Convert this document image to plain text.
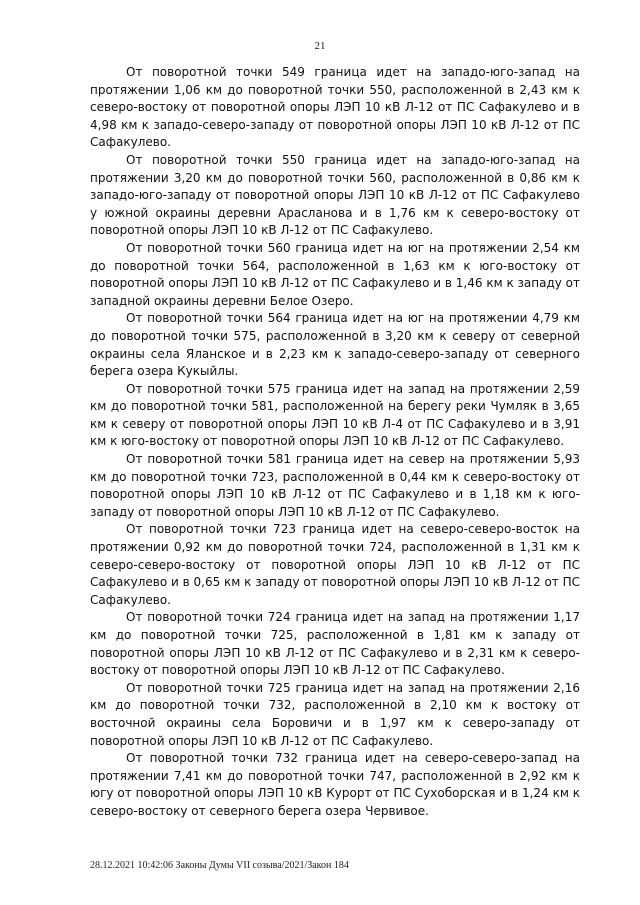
21

От поворотной точки 549 граница идет на западо-юго-запад на протяжении 1,06 км до поворотной точки 550, расположенной в 2,43 км к северо-востоку от поворотной опоры ЛЭП 10 кВ Л-12 от ПС Сафакулево и в 4,98 км к западо-северо-западу от поворотной опоры ЛЭП 10 кВ Л-12 от ПС Сафакулево.

От поворотной точки 550 граница идет на западо-юго-запад на протяжении 3,20 км до поворотной точки 560, расположенной в 0,86 км к западо-юго-западу от поворотной опоры ЛЭП 10 кВ Л-12 от ПС Сафакулево у южной окраины деревни Арасланова и в 1,76 км к северо-востоку от поворотной опоры ЛЭП 10 кВ Л-12 от ПС Сафакулево.

От поворотной точки 560 граница идет на юг на протяжении 2,54 км до поворотной точки 564, расположенной в 1,63 км к юго-востоку от поворотной опоры ЛЭП 10 кВ Л-12 от ПС Сафакулево и в 1,46 км к западу от западной окраины деревни Белое Озеро.

От поворотной точки 564 граница идет на юг на протяжении 4,79 км до поворотной точки 575, расположенной в 3,20 км к северу от северной окраины села Яланское и в 2,23 км к западо-северо-западу от северного берега озера Кукыйлы.

От поворотной точки 575 граница идет на запад на протяжении 2,59 км до поворотной точки 581, расположенной на берегу реки Чумляк в 3,65 км к северу от поворотной опоры ЛЭП 10 кВ Л-4 от ПС Сафакулево и в 3,91 км к юго-востоку от поворотной опоры ЛЭП 10 кВ Л-12 от ПС Сафакулево.

От поворотной точки 581 граница идет на север на протяжении 5,93 км до поворотной точки 723, расположенной в 0,44 км к северо-востоку от поворотной опоры ЛЭП 10 кВ Л-12 от ПС Сафакулево и в 1,18 км к юго-западу от поворотной опоры ЛЭП 10 кВ Л-12 от ПС Сафакулево.

От поворотной точки 723 граница идет на северо-северо-восток на протяжении 0,92 км до поворотной точки 724, расположенной в 1,31 км к северо-северо-востоку от поворотной опоры ЛЭП 10 кВ Л-12 от ПС Сафакулево и в 0,65 км к западу от поворотной опоры ЛЭП 10 кВ Л-12 от ПС Сафакулево.

От поворотной точки 724 граница идет на запад на протяжении 1,17 км до поворотной точки 725, расположенной в 1,81 км к западу от поворотной опоры ЛЭП 10 кВ Л-12 от ПС Сафакулево и в 2,31 км к северо-востоку от поворотной опоры ЛЭП 10 кВ Л-12 от ПС Сафакулево.

От поворотной точки 725 граница идет на запад на протяжении 2,16 км до поворотной точки 732, расположенной в 2,10 км к востоку от восточной окраины села Боровичи и в 1,97 км к северо-западу от поворотной опоры ЛЭП 10 кВ Л-12 от ПС Сафакулево.

От поворотной точки 732 граница идет на северо-северо-запад на протяжении 7,41 км до поворотной точки 747, расположенной в 2,92 км к югу от поворотной опоры ЛЭП 10 кВ Курорт от ПС Сухоборская и в 1,24 км к северо-востоку от северного берега озера Червивое.

28.12.2021 10:42:06 Законы Думы VII созыва/2021/Закон 184
